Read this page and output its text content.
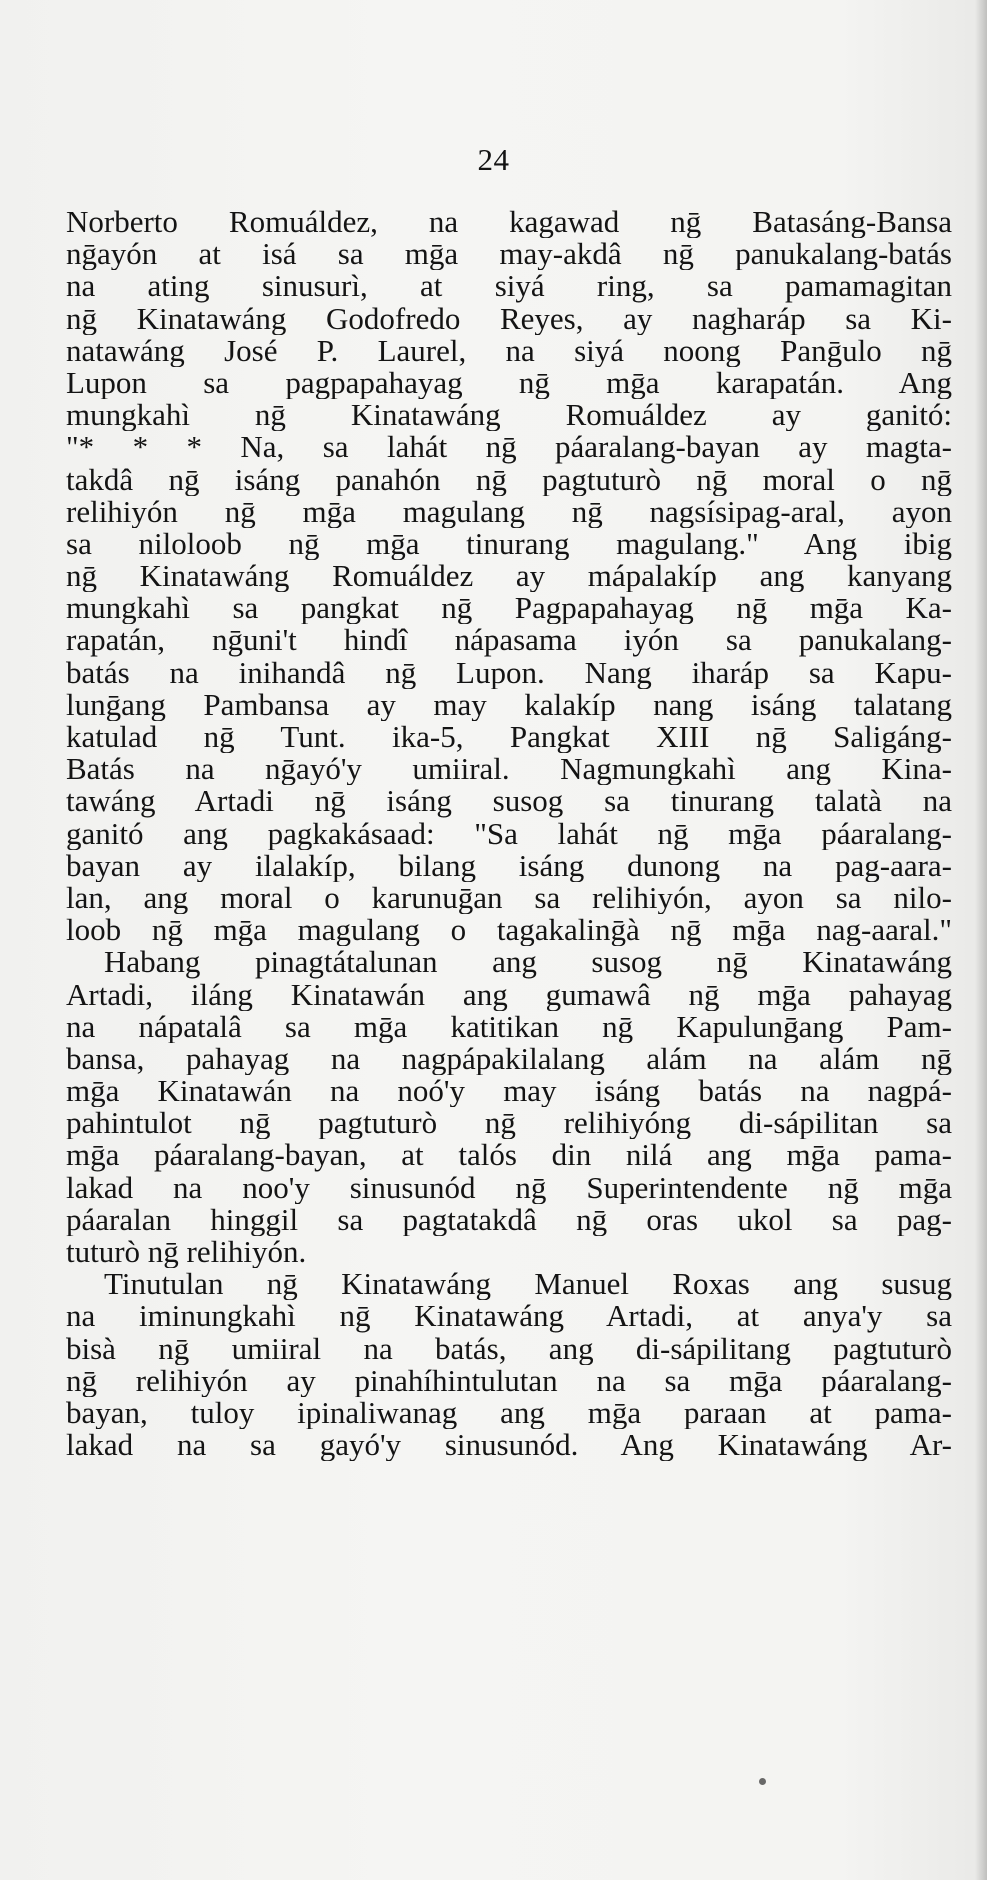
24
Norberto Romuáldez, na kagawad nḡ Batasáng-Bansa
nḡayón at isá sa mḡa may-akdâ nḡ panukalang-batás
na ating sinusurì, at siyá ring, sa pamamagitan
nḡ Kinatawáng Godofredo Reyes, ay nagharáp sa Ki-
natawáng José P. Laurel, na siyá noong Panḡulo nḡ
Lupon sa pagpapahayag nḡ mḡa karapatán. Ang
mungkahì nḡ Kinatawáng Romuáldez ay ganitó:
"* * * Na, sa lahát nḡ páaralang-bayan ay magta-
takdâ nḡ isáng panahón nḡ pagtuturò nḡ moral o nḡ
relihiyón nḡ mḡa magulang nḡ nagsísipag-aral, ayon
sa niloloob nḡ mḡa tinurang magulang." Ang ibig
nḡ Kinatawáng Romuáldez ay mápalakíp ang kanyang
mungkahì sa pangkat nḡ Pagpapahayag nḡ mḡa Ka-
rapatán, nḡuni't hindî nápasama iyón sa panukalang-
batás na inihandâ nḡ Lupon. Nang iharáp sa Kapu-
lunḡang Pambansa ay may kalakíp nang isáng talatang
katulad nḡ Tunt. ika-5, Pangkat XIII nḡ Saligáng-
Batás na nḡayó'y umiiral. Nagmungkahì ang Kina-
tawáng Artadi nḡ isáng susog sa tinurang talatà na
ganitó ang pagkakásaad: "Sa lahát nḡ mḡa páaralang-
bayan ay ilalakíp, bilang isáng dunong na pag-aara-
lan, ang moral o karunuḡan sa relihiyón, ayon sa nilo-
loob nḡ mḡa magulang o tagakalinḡà nḡ mḡa nag-aaral."
Habang pinagtátalunan ang susog nḡ Kinatawáng
Artadi, iláng Kinatawán ang gumawâ nḡ mḡa pahayag
na nápatalâ sa mḡa katitikan nḡ Kapulunḡang Pam-
bansa, pahayag na nagpápakilalang alám na alám nḡ
mḡa Kinatawán na noó'y may isáng batás na nagpá-
pahintulot nḡ pagtuturò nḡ relihiyóng di-sápilitan sa
mḡa páaralang-bayan, at talós din nilá ang mḡa pama-
lakad na noo'y sinusunód nḡ Superintendente nḡ mḡa
páaralan hinggil sa pagtatakdâ nḡ oras ukol sa pag-
tuturò nḡ relihiyón.
Tinutulan nḡ Kinatawáng Manuel Roxas ang susug
na iminungkahì nḡ Kinatawáng Artadi, at anya'y sa
bisà nḡ umiiral na batás, ang di-sápilitang pagtuturò
nḡ relihiyón ay pinahíhintulutan na sa mḡa páaralang-
bayan, tuloy ipinaliwanag ang mḡa paraan at pama-
lakad na sa gayó'y sinusunód. Ang Kinatawáng Ar-
